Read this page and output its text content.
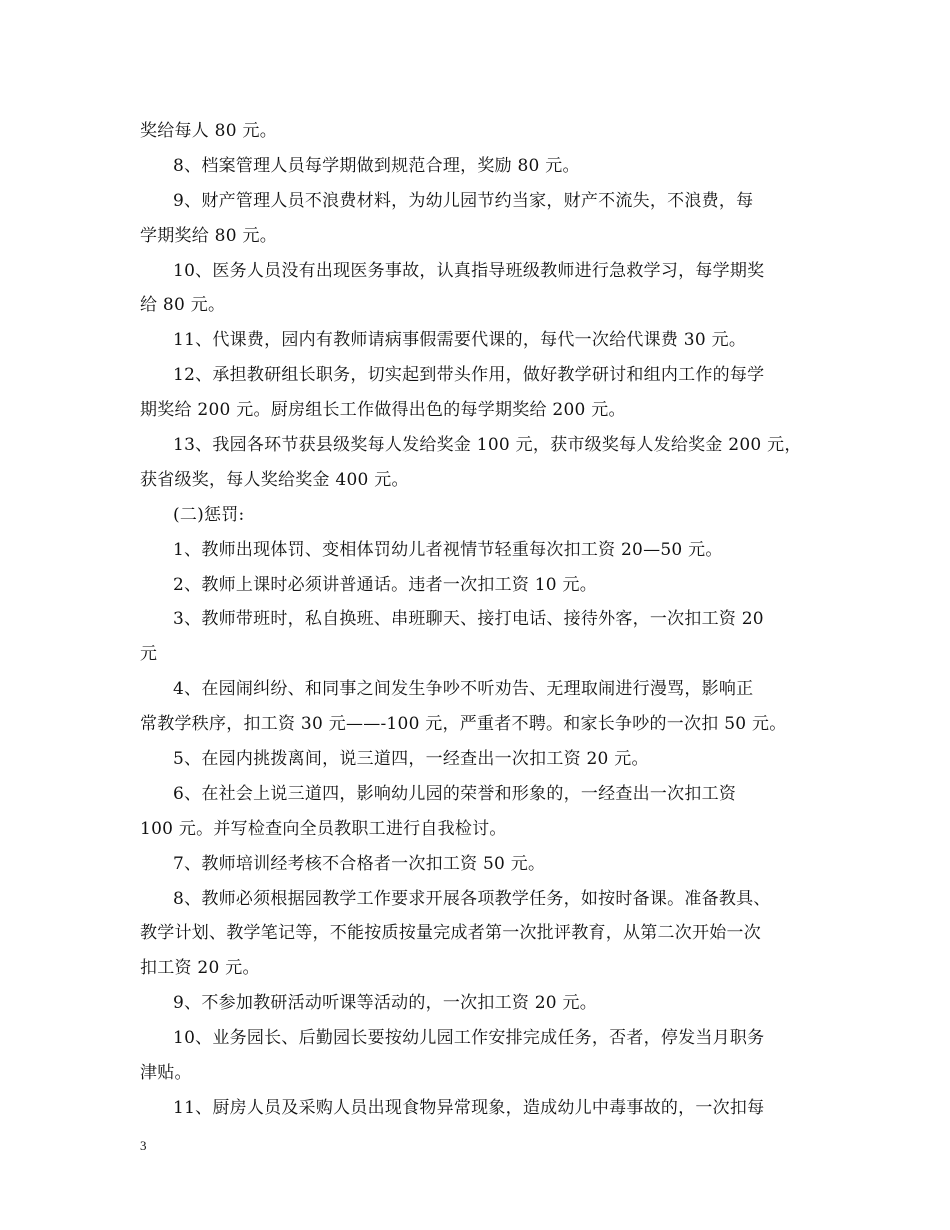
奖给每人 80 元。
8、档案管理人员每学期做到规范合理，奖励 80 元。
9、财产管理人员不浪费材料，为幼儿园节约当家，财产不流失，不浪费，每
学期奖给 80 元。
10、医务人员没有出现医务事故，认真指导班级教师进行急救学习，每学期奖
给 80 元。
11、代课费，园内有教师请病事假需要代课的，每代一次给代课费 30 元。
12、承担教研组长职务，切实起到带头作用，做好教学研讨和组内工作的每学
期奖给 200 元。厨房组长工作做得出色的每学期奖给 200 元。
13、我园各环节获县级奖每人发给奖金 100 元，获市级奖每人发给奖金 200 元，
获省级奖，每人奖给奖金 400 元。
(二)惩罚:
1、教师出现体罚、变相体罚幼儿者视情节轻重每次扣工资 20—50 元。
2、教师上课时必须讲普通话。违者一次扣工资 10 元。
3、教师带班时，私自换班、串班聊天、接打电话、接待外客，一次扣工资 20
元
4、在园闹纠纷、和同事之间发生争吵不听劝告、无理取闹进行漫骂，影响正
常教学秩序，扣工资 30 元——-100 元，严重者不聘。和家长争吵的一次扣 50 元。
5、在园内挑拨离间，说三道四，一经查出一次扣工资 20 元。
6、在社会上说三道四，影响幼儿园的荣誉和形象的，一经查出一次扣工资
100 元。并写检查向全员教职工进行自我检讨。
7、教师培训经考核不合格者一次扣工资 50 元。
8、教师必须根据园教学工作要求开展各项教学任务，如按时备课。准备教具、
教学计划、教学笔记等，不能按质按量完成者第一次批评教育，从第二次开始一次
扣工资 20 元。
9、不参加教研活动听课等活动的，一次扣工资 20 元。
10、业务园长、后勤园长要按幼儿园工作安排完成任务，否者，停发当月职务
津贴。
11、厨房人员及采购人员出现食物异常现象，造成幼儿中毒事故的，一次扣每
3
